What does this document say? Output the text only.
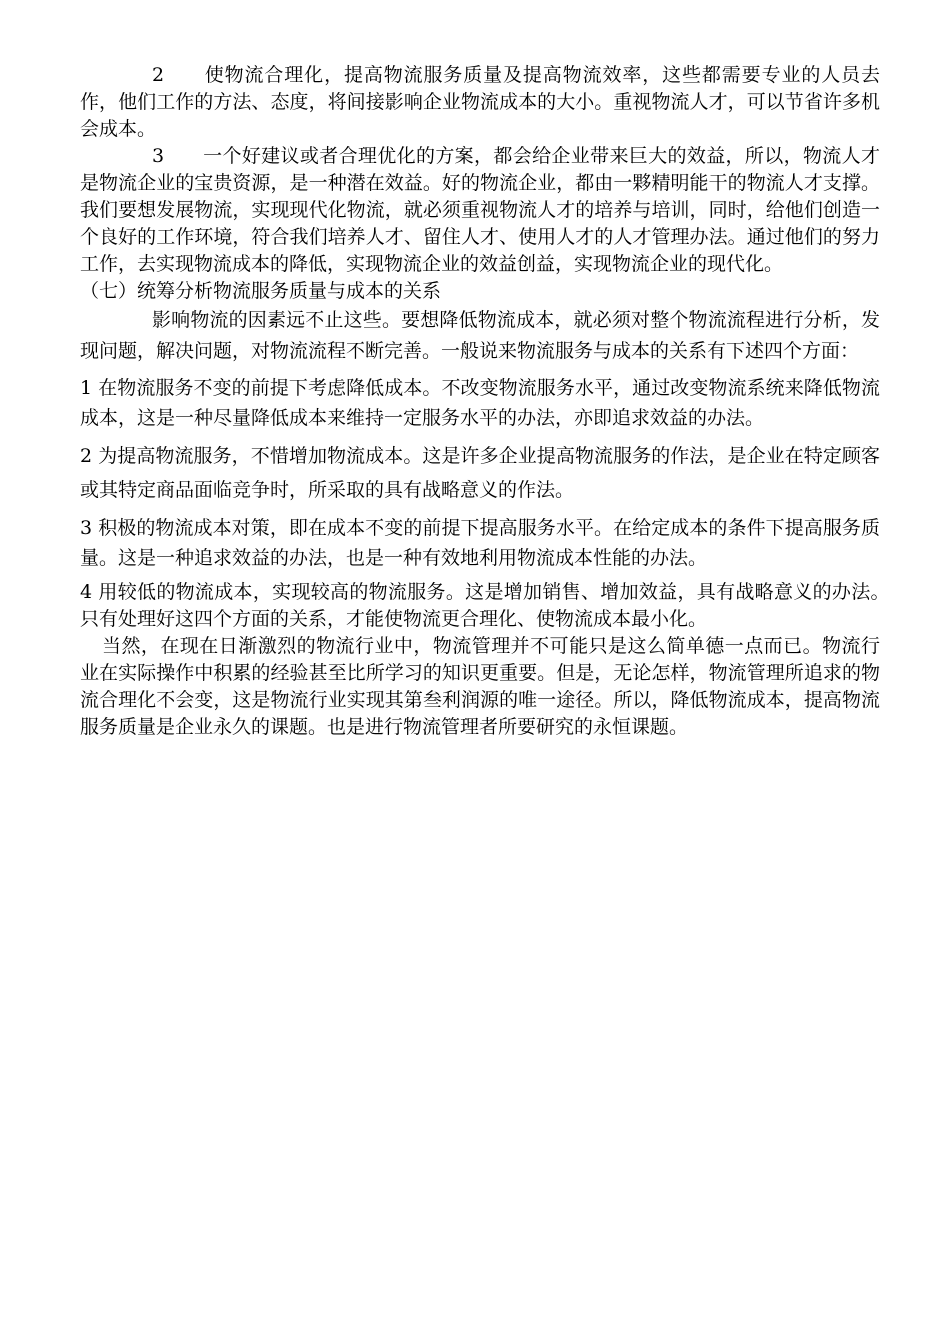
2　　使物流合理化，提高物流服务质量及提高物流效率，这些都需要专业的人员去作，他们工作的方法、态度，将间接影响企业物流成本的大小。重视物流人才，可以节省许多机会成本。

3　　一个好建议或者合理优化的方案，都会给企业带来巨大的效益，所以，物流人才是物流企业的宝贵资源，是一种潜在效益。好的物流企业，都由一夥精明能干的物流人才支撑。我们要想发展物流，实现现代化物流，就必须重视物流人才的培养与培训，同时，给他们创造一个良好的工作环境，符合我们培养人才、留住人才、使用人才的人才管理办法。通过他们的努力工作，去实现物流成本的降低，实现物流企业的效益创益，实现物流企业的现代化。

（七）统筹分析物流服务质量与成本的关系

影响物流的因素远不止这些。要想降低物流成本，就必须对整个物流流程进行分析，发现问题，解决问题，对物流流程不断完善。一般说来物流服务与成本的关系有下述四个方面：

1 在物流服务不变的前提下考虑降低成本。不改变物流服务水平，通过改变物流系统来降低物流成本，这是一种尽量降低成本来维持一定服务水平的办法，亦即追求效益的办法。

2 为提高物流服务，不惜增加物流成本。这是许多企业提高物流服务的作法，是企业在特定顾客或其特定商品面临竞争时，所采取的具有战略意义的作法。

3 积极的物流成本对策，即在成本不变的前提下提高服务水平。在给定成本的条件下提高服务质量。这是一种追求效益的办法，也是一种有效地利用物流成本性能的办法。

4 用较低的物流成本，实现较高的物流服务。这是增加销售、增加效益，具有战略意义的办法。　只有处理好这四个方面的关系，才能使物流更合理化、使物流成本最小化。

当然，在现在日渐激烈的物流行业中，物流管理并不可能只是这么简单德一点而已。物流行业在实际操作中积累的经验甚至比所学习的知识更重要。但是，无论怎样，物流管理所追求的物流合理化不会变，这是物流行业实现其第叁利润源的唯一途径。所以，降低物流成本，提高物流服务质量是企业永久的课题。也是进行物流管理者所要研究的永恒课题。
